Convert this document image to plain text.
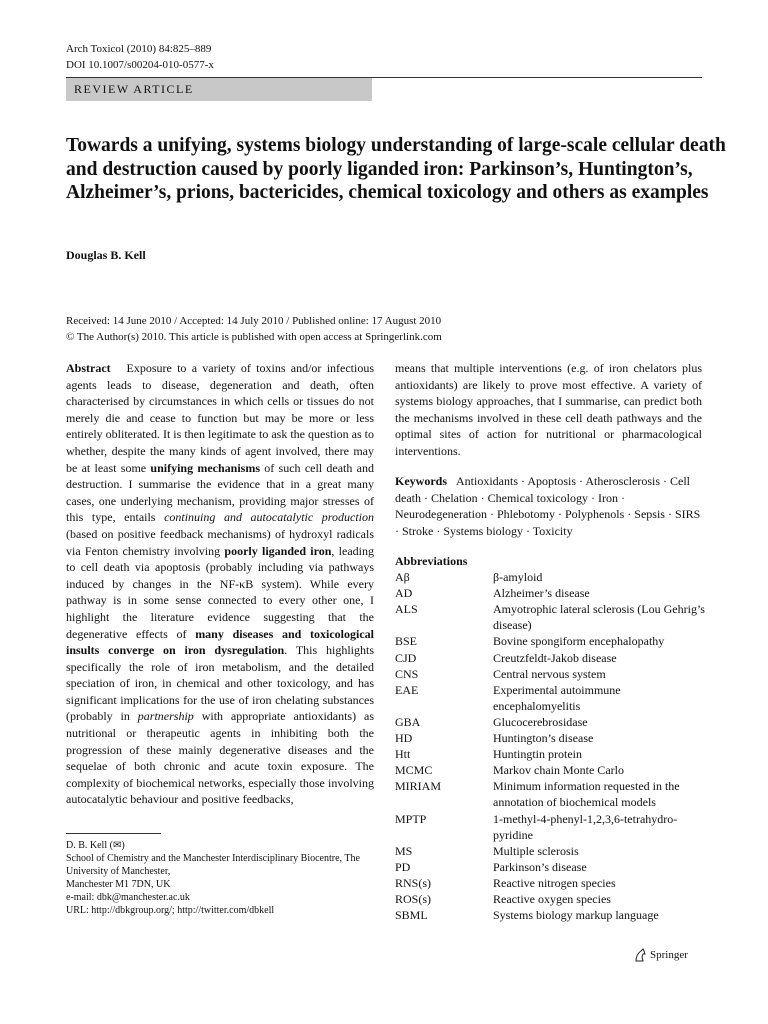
Arch Toxicol (2010) 84:825–889
DOI 10.1007/s00204-010-0577-x
REVIEW ARTICLE
Towards a unifying, systems biology understanding of large-scale cellular death and destruction caused by poorly liganded iron: Parkinson’s, Huntington’s, Alzheimer’s, prions, bactericides, chemical toxicology and others as examples
Douglas B. Kell
Received: 14 June 2010 / Accepted: 14 July 2010 / Published online: 17 August 2010
© The Author(s) 2010. This article is published with open access at Springerlink.com
Abstract Exposure to a variety of toxins and/or infectious agents leads to disease, degeneration and death, often characterised by circumstances in which cells or tissues do not merely die and cease to function but may be more or less entirely obliterated. It is then legitimate to ask the question as to whether, despite the many kinds of agent involved, there may be at least some unifying mechanisms of such cell death and destruction. I summarise the evidence that in a great many cases, one underlying mechanism, providing major stresses of this type, entails continuing and autocatalytic production (based on positive feedback mechanisms) of hydroxyl radicals via Fenton chemistry involving poorly liganded iron, leading to cell death via apoptosis (probably including via pathways induced by changes in the NF-κB system). While every pathway is in some sense connected to every other one, I highlight the literature evidence suggesting that the degenerative effects of many diseases and toxicological insults converge on iron dysregulation. This highlights specifically the role of iron metabolism, and the detailed speciation of iron, in chemical and other toxicology, and has significant implications for the use of iron chelating substances (probably in partnership with appropriate antioxidants) as nutritional or therapeutic agents in inhibiting both the progression of these mainly degenerative diseases and the sequelae of both chronic and acute toxin exposure. The complexity of biochemical networks, especially those involving autocatalytic behaviour and positive feedbacks,
means that multiple interventions (e.g. of iron chelators plus antioxidants) are likely to prove most effective. A variety of systems biology approaches, that I summarise, can predict both the mechanisms involved in these cell death pathways and the optimal sites of action for nutritional or pharmacological interventions.
Keywords Antioxidants · Apoptosis · Atherosclerosis · Cell death · Chelation · Chemical toxicology · Iron · Neurodegeneration · Phlebotomy · Polyphenols · Sepsis · SIRS · Stroke · Systems biology · Toxicity
Abbreviations
Aβ	β-amyloid
AD	Alzheimer’s disease
ALS	Amyotrophic lateral sclerosis (Lou Gehrig’s disease)
BSE	Bovine spongiform encephalopathy
CJD	Creutzfeldt-Jakob disease
CNS	Central nervous system
EAE	Experimental autoimmune encephalomyelitis
GBA	Glucocerebrosidase
HD	Huntington’s disease
Htt	Huntingtin protein
MCMC	Markov chain Monte Carlo
MIRIAM	Minimum information requested in the annotation of biochemical models
MPTP	1-methyl-4-phenyl-1,2,3,6-tetrahydro-pyridine
MS	Multiple sclerosis
PD	Parkinson’s disease
RNS(s)	Reactive nitrogen species
ROS(s)	Reactive oxygen species
SBML	Systems biology markup language
D. B. Kell (✉)
School of Chemistry and the Manchester Interdisciplinary Biocentre, The University of Manchester,
Manchester M1 7DN, UK
e-mail: dbk@manchester.ac.uk
URL: http://dbkgroup.org/; http://twitter.com/dbkell
Springer
